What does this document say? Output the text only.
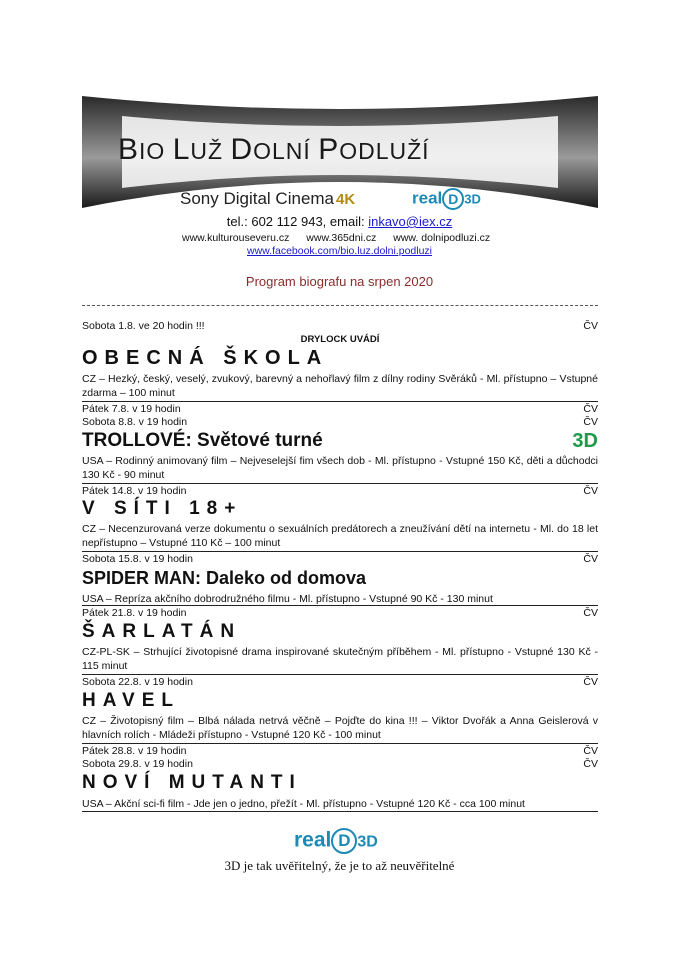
BIO LUŽ DOLNÍ PODLUŽÍ
Sony Digital Cinema 4K	real D 3D
tel.: 602 112 943, email: inkavo@iex.cz
www.kulturouseveru.cz www.365dni.cz www. dolnipodluzi.cz
www.facebook.com/bio.luz.dolni.podluzi
Program biografu na srpen 2020
Sobota 1.8. ve 20 hodin !!!	ČV
DRYLOCK UVÁDÍ
OBECNÁ ŠKOLA
CZ – Hezký, český, veselý, zvukový, barevný a nehořlavý film z dílny rodiny Svěráků - Ml. přístupno – Vstupné zdarma – 100 minut
Pátek 7.8. v 19 hodin	ČV
Sobota 8.8. v 19 hodin	ČV
TROLLOVÉ: Světové turné	3D
USA – Rodinný animovaný film – Nejveselejší fim všech dob - Ml. přístupno - Vstupné 150 Kč, děti a důchodci 130 Kč - 90 minut
Pátek 14.8. v 19 hodin	ČV
V SÍTI 18+
CZ – Necenzurovaná verze dokumentu o sexuálních predátorech a zneužívání dětí na internetu - Ml. do 18 let nepřístupno – Vstupné 110 Kč – 100 minut
Sobota 15.8. v 19 hodin	ČV
SPIDER MAN: Daleko od domova
USA – Repríza akčního dobrodružného filmu - Ml. přístupno - Vstupné 90 Kč - 130 minut
Pátek 21.8. v 19 hodin	ČV
ŠARLATÁN
CZ-PL-SK – Strhující životopisné drama inspirované skutečným příběhem - Ml. přístupno - Vstupné 130 Kč - 115 minut
Sobota 22.8. v 19 hodin	ČV
HAVEL
CZ – Životopisný film – Blbá nálada netrvá věčně – Pojďte do kina !!! – Viktor Dvořák a Anna Geislerová v hlavních rolích - Mládeži přístupno - Vstupné 120 Kč - 100 minut
Pátek 28.8. v 19 hodin	ČV
Sobota 29.8. v 19 hodin	ČV
NOVÍ MUTANTI
USA – Akční sci-fi film - Jde jen o jedno, přežít - Ml. přístupno - Vstupné 120 Kč - cca 100 minut
real D 3D
3D je tak uvěřitelný, že je to až neuvěřitelné
